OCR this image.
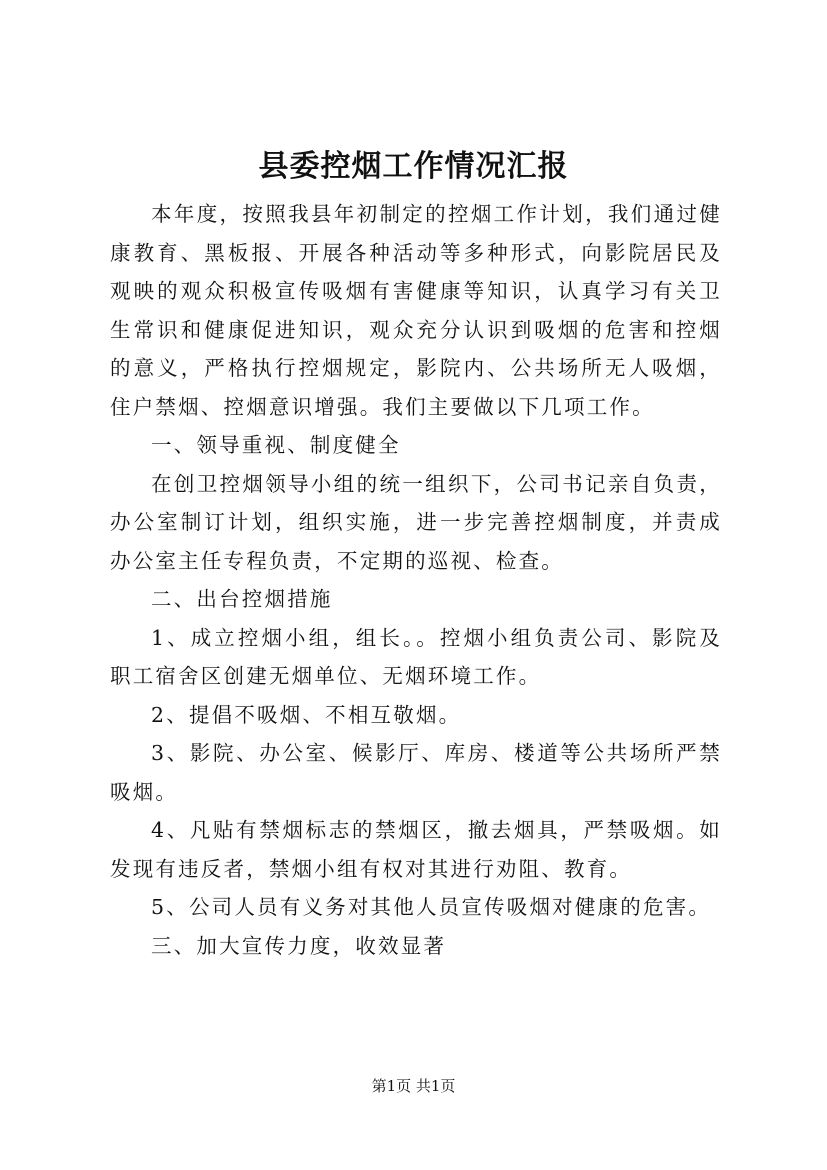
县委控烟工作情况汇报

本年度，按照我县年初制定的控烟工作计划，我们通过健康教育、黑板报、开展各种活动等多种形式，向影院居民及观映的观众积极宣传吸烟有害健康等知识，认真学习有关卫生常识和健康促进知识，观众充分认识到吸烟的危害和控烟的意义，严格执行控烟规定，影院内、公共场所无人吸烟，住户禁烟、控烟意识增强。我们主要做以下几项工作。

一、领导重视、制度健全

在创卫控烟领导小组的统一组织下，公司书记亲自负责，办公室制订计划，组织实施，进一步完善控烟制度，并责成办公室主任专程负责，不定期的巡视、检查。

二、出台控烟措施

1、成立控烟小组，组长。。控烟小组负责公司、影院及职工宿舍区创建无烟单位、无烟环境工作。

2、提倡不吸烟、不相互敬烟。

3、影院、办公室、候影厅、库房、楼道等公共场所严禁吸烟。

4、凡贴有禁烟标志的禁烟区，撤去烟具，严禁吸烟。如发现有违反者，禁烟小组有权对其进行劝阻、教育。

5、公司人员有义务对其他人员宣传吸烟对健康的危害。

三、加大宣传力度，收效显著

第1页 共1页
